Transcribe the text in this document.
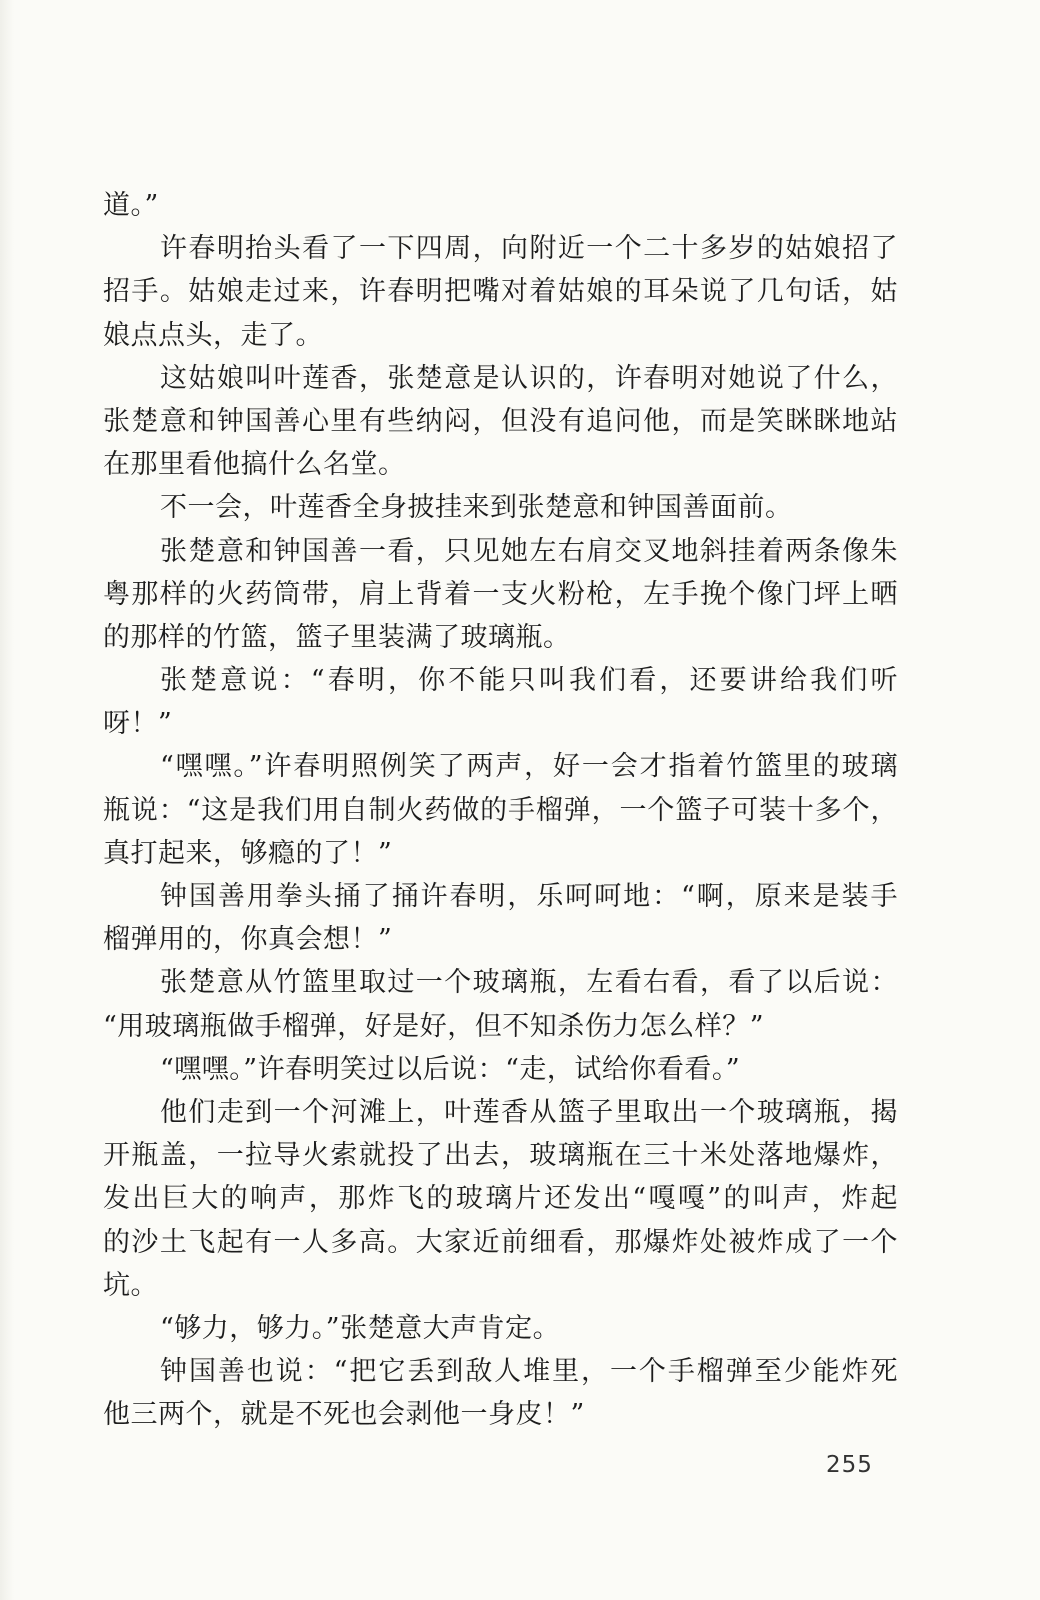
道。”
许春明抬头看了一下四周，向附近一个二十多岁的姑娘招了
招手。姑娘走过来，许春明把嘴对着姑娘的耳朵说了几句话，姑
娘点点头，走了。
这姑娘叫叶莲香，张楚意是认识的，许春明对她说了什么，
张楚意和钟国善心里有些纳闷，但没有追问他，而是笑眯眯地站
在那里看他搞什么名堂。
不一会，叶莲香全身披挂来到张楚意和钟国善面前。
张楚意和钟国善一看，只见她左右肩交叉地斜挂着两条像朱
粤那样的火药筒带，肩上背着一支火粉枪，左手挽个像门坪上晒
的那样的竹篮，篮子里装满了玻璃瓶。
张楚意说：“春明，你不能只叫我们看，还要讲给我们听
呀！”
“嘿嘿。”许春明照例笑了两声，好一会才指着竹篮里的玻璃
瓶说：“这是我们用自制火药做的手榴弹，一个篮子可装十多个，
真打起来，够瘾的了！”
钟国善用拳头捅了捅许春明，乐呵呵地：“啊，原来是装手
榴弹用的，你真会想！”
张楚意从竹篮里取过一个玻璃瓶，左看右看，看了以后说：
“用玻璃瓶做手榴弹，好是好，但不知杀伤力怎么样？”
“嘿嘿。”许春明笑过以后说：“走，试给你看看。”
他们走到一个河滩上，叶莲香从篮子里取出一个玻璃瓶，揭
开瓶盖，一拉导火索就投了出去，玻璃瓶在三十米处落地爆炸，
发出巨大的响声，那炸飞的玻璃片还发出“嘎嘎”的叫声，炸起
的沙土飞起有一人多高。大家近前细看，那爆炸处被炸成了一个
坑。
“够力，够力。”张楚意大声肯定。
钟国善也说：“把它丢到敌人堆里，一个手榴弹至少能炸死
他三两个，就是不死也会剥他一身皮！”
255
